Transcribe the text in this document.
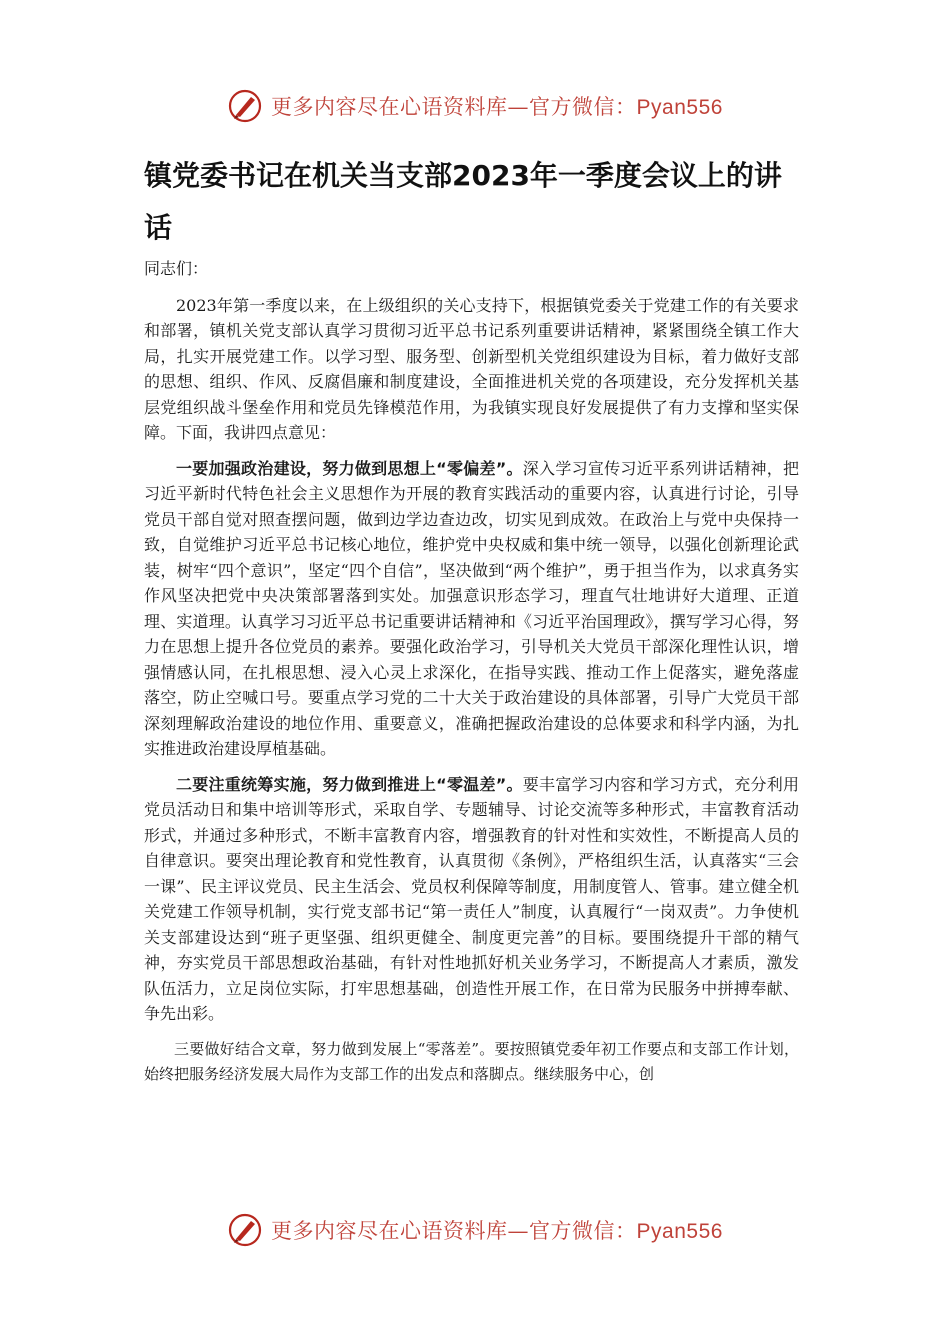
更多内容尽在心语资料库—官方微信：Pyan556
镇党委书记在机关当支部2023年一季度会议上的讲话

同志们：

2023年第一季度以来，在上级组织的关心支持下，根据镇党委关于党建工作的有关要求和部署，镇机关党支部认真学习贯彻习近平总书记系列重要讲话精神，紧紧围绕全镇工作大局，扎实开展党建工作。以学习型、服务型、创新型机关党组织建设为目标，着力做好支部的思想、组织、作风、反腐倡廉和制度建设，全面推进机关党的各项建设，充分发挥机关基层党组织战斗堡垒作用和党员先锋模范作用，为我镇实现良好发展提供了有力支撑和坚实保障。下面，我讲四点意见：

一要加强政治建设，努力做到思想上“零偏差”。深入学习宣传习近平系列讲话精神，把习近平新时代特色社会主义思想作为开展的教育实践活动的重要内容，认真进行讨论，引导党员干部自觉对照查摆问题，做到边学边查边改，切实见到成效。在政治上与党中央保持一致，自觉维护习近平总书记核心地位，维护党中央权威和集中统一领导，以强化创新理论武装，树牢“四个意识”，坚定“四个自信”，坚决做到“两个维护”，勇于担当作为，以求真务实作风坚决把党中央决策部署落到实处。加强意识形态学习，理直气壮地讲好大道理、正道理、实道理。认真学习习近平总书记重要讲话精神和《习近平治国理政》，撰写学习心得，努力在思想上提升各位党员的素养。要强化政治学习，引导机关大党员干部深化理性认识，增强情感认同，在扎根思想、浸入心灵上求深化，在指导实践、推动工作上促落实，避免落虚落空，防止空喊口号。要重点学习党的二十大关于政治建设的具体部署，引导广大党员干部深刻理解政治建设的地位作用、重要意义，准确把握政治建设的总体要求和科学内涵，为扎实推进政治建设厚植基础。

二要注重统筹实施，努力做到推进上“零温差”。要丰富学习内容和学习方式，充分利用党员活动日和集中培训等形式，采取自学、专题辅导、讨论交流等多种形式，丰富教育活动形式，并通过多种形式，不断丰富教育内容，增强教育的针对性和实效性，不断提高人员的自律意识。要突出理论教育和党性教育，认真贯彻《条例》，严格组织生活，认真落实“三会一课”、民主评议党员、民主生活会、党员权利保障等制度，用制度管人、管事。建立健全机关党建工作领导机制，实行党支部书记“第一责任人”制度，认真履行“一岗双责”。力争使机关支部建设达到“班子更坚强、组织更健全、制度更完善”的目标。要围绕提升干部的精气神，夯实党员干部思想政治基础，有针对性地抓好机关业务学习，不断提高人才素质，激发队伍活力，立足岗位实际，打牢思想基础，创造性开展工作，在日常为民服务中拼搏奉献、争先出彩。

三要做好结合文章，努力做到发展上“零落差”。要按照镇党委年初工作要点和支部工作计划，始终把服务经济发展大局作为支部工作的出发点和落脚点。继续服务中心，创

更多内容尽在心语资料库—官方微信：Pyan556
